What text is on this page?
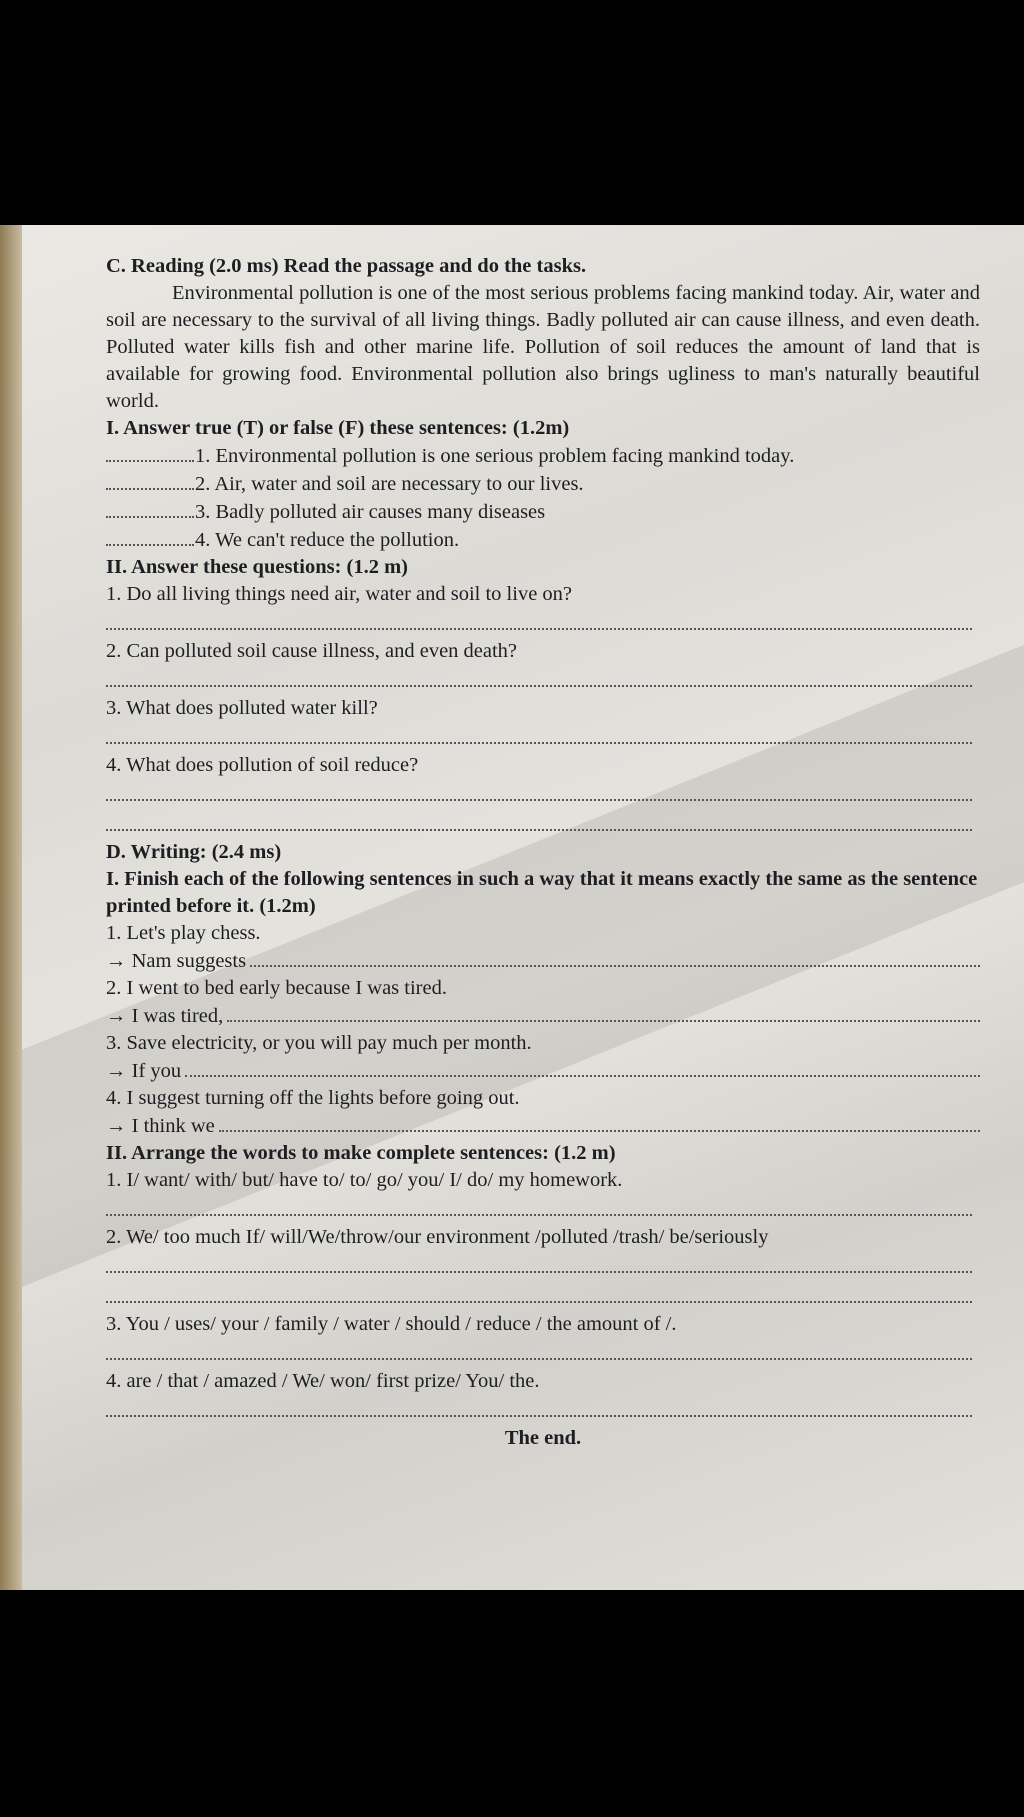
C. Reading (2.0 ms) Read the passage and do the tasks.

Environmental pollution is one of the most serious problems facing mankind today. Air, water and soil are necessary to the survival of all living things. Badly polluted air can cause illness, and even death. Polluted water kills fish and other marine life. Pollution of soil reduces the amount of land that is available for growing food. Environmental pollution also brings ugliness to man's naturally beautiful world.

I. Answer true (T) or false (F) these sentences: (1.2m)
1. Environmental pollution is one serious problem facing mankind today.
2. Air, water and soil are necessary to our lives.
3. Badly polluted air causes many diseases
4. We can't reduce the pollution.
II. Answer these questions: (1.2 m)
1. Do all living things need air, water and soil to live on?
2. Can polluted soil cause illness, and even death?
3. What does polluted water kill?
4. What does pollution of soil reduce?
D. Writing: (2.4 ms)
I. Finish each of the following sentences in such a way that it means exactly the same as the sentence printed before it. (1.2m)
1. Let's play chess.
→ Nam suggests
2. I went to bed early because I was tired.
→ I was tired,
3. Save electricity, or you will pay much per month.
→ If you
4. I suggest turning off the lights before going out.
→ I think we
II. Arrange the words to make complete sentences: (1.2 m)
1. I/ want/ with/ but/ have to/ to/ go/ you/ I/ do/ my homework.
2. We/ too much If/ will/We/throw/our environment /polluted /trash/ be/seriously
3. You / uses/ your / family / water / should / reduce / the amount of /.
4. are / that / amazed / We/ won/ first prize/ You/ the.
The end.
